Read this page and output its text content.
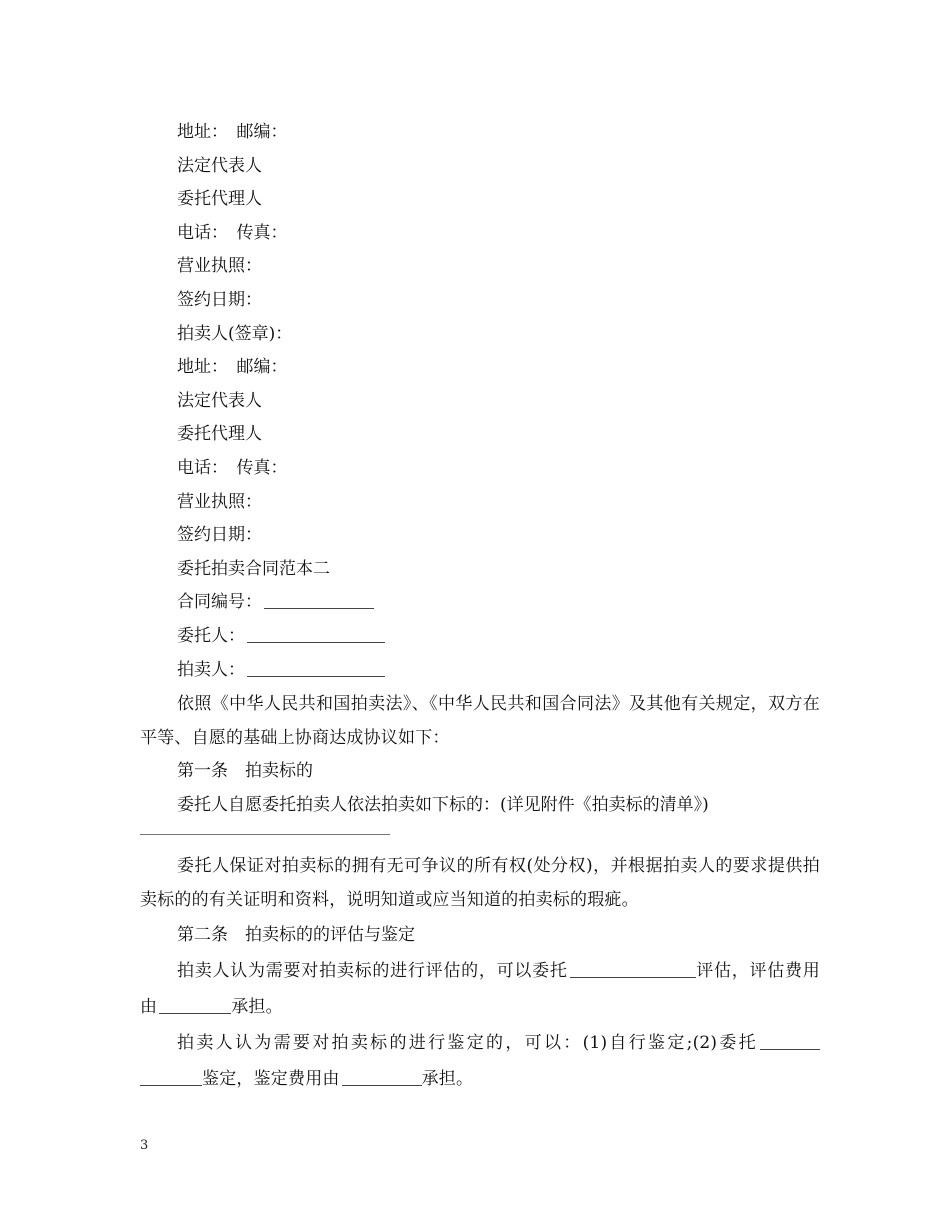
地址：　邮编：

法定代表人

委托代理人

电话：　传真：

营业执照：

签约日期：

拍卖人(签章)：

地址：　邮编：

法定代表人

委托代理人

电话：　传真：

营业执照：

签约日期：

委托拍卖合同范本二

合同编号：

委托人：

拍卖人：

依照《中华人民共和国拍卖法》、《中华人民共和国合同法》及其他有关规定，双方在平等、自愿的基础上协商达成协议如下：

第一条　拍卖标的

委托人自愿委托拍卖人依法拍卖如下标的：(详见附件《拍卖标的清单》)

委托人保证对拍卖标的拥有无可争议的所有权(处分权)，并根据拍卖人的要求提供拍卖标的的有关证明和资料，说明知道或应当知道的拍卖标的瑕疵。

第二条　拍卖标的的评估与鉴定

拍卖人认为需要对拍卖标的进行评估的，可以委托	评估，评估费用由	承担。

拍卖人认为需要对拍卖标的进行鉴定的，可以：(1)自行鉴定;(2)委托鉴定，鉴定费用由	承担。

3
